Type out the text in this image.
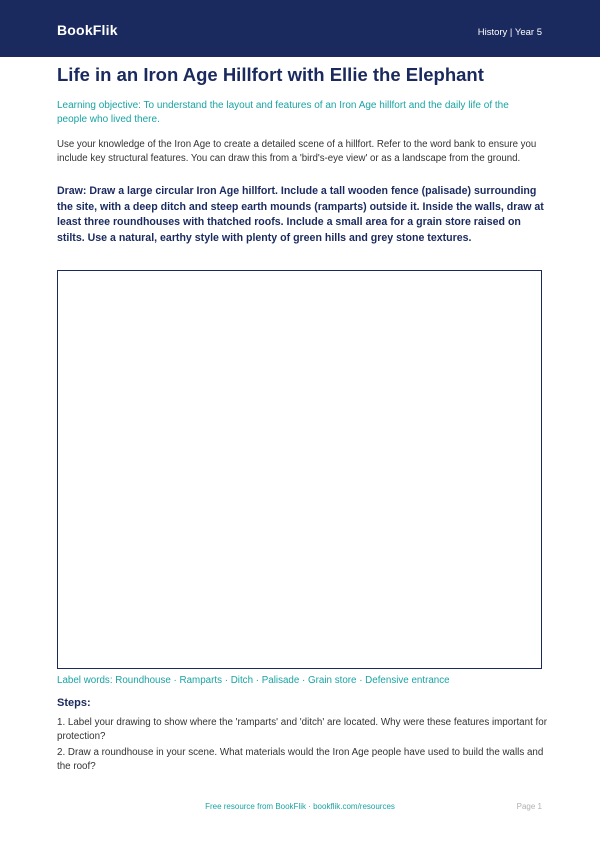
BookFlik	History | Year 5
Life in an Iron Age Hillfort with Ellie the Elephant

Learning objective: To understand the layout and features of an Iron Age hillfort and the daily life of the people who lived there.

Use your knowledge of the Iron Age to create a detailed scene of a hillfort. Refer to the word bank to ensure you include key structural features. You can draw this from a 'bird's-eye view' or as a landscape from the ground.

Draw: Draw a large circular Iron Age hillfort. Include a tall wooden fence (palisade) surrounding the site, with a deep ditch and steep earth mounds (ramparts) outside it. Inside the walls, draw at least three roundhouses with thatched roofs. Include a small area for a grain store raised on stilts. Use a natural, earthy style with plenty of green hills and grey stone textures.

Label words: Roundhouse · Ramparts · Ditch · Palisade · Grain store · Defensive entrance

Steps:

1. Label your drawing to show where the 'ramparts' and 'ditch' are located. Why were these features important for protection?

2. Draw a roundhouse in your scene. What materials would the Iron Age people have used to build the walls and the roof?

Free resource from BookFlik · bookflik.com/resources	Page 1
